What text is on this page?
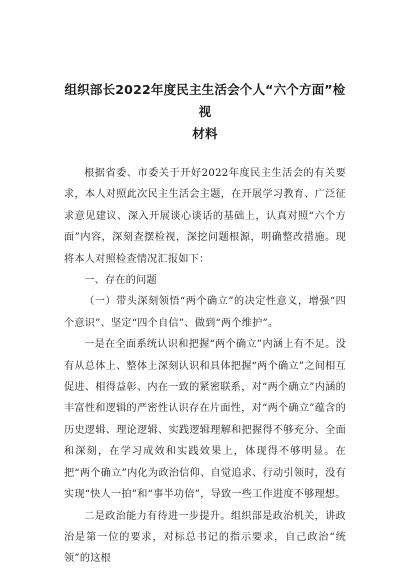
组织部长2022年度民主生活会个人“六个方面”检视
材料

根据省委、市委关于开好2022年度民主生活会的有关要求，本人对照此次民主生活会主题，在开展学习教育、广泛征求意见建议、深入开展谈心谈话的基础上，认真对照“六个方面”内容，深刻查摆检视，深挖问题根源，明确整改措施。现将本人对照检查情况汇报如下：

一、存在的问题

（一）带头深刻领悟“两个确立”的决定性意义，增强“四个意识”、坚定“四个自信”、做到“两个维护”。

一是在全面系统认识和把握“两个确立”内涵上有不足。没有从总体上、整体上深刻认识和具体把握“两个确立”之间相互促进、相得益彰、内在一致的紧密联系，对“两个确立”内涵的丰富性和逻辑的严密性认识存在片面性，对“两个确立”蕴含的历史逻辑、理论逻辑、实践逻辑理解和把握得不够充分、全面和深刻，在学习成效和实践效果上，体现得不够明显。在把“两个确立”内化为政治信仰、自觉追求、行动引领时，没有实现“快人一拍”和“事半功倍”，导致一些工作进度不够理想。

二是政治能力有待进一步提升。组织部是政治机关，讲政治是第一位的要求，对标总书记的指示要求，自己政治“统领”的这根
